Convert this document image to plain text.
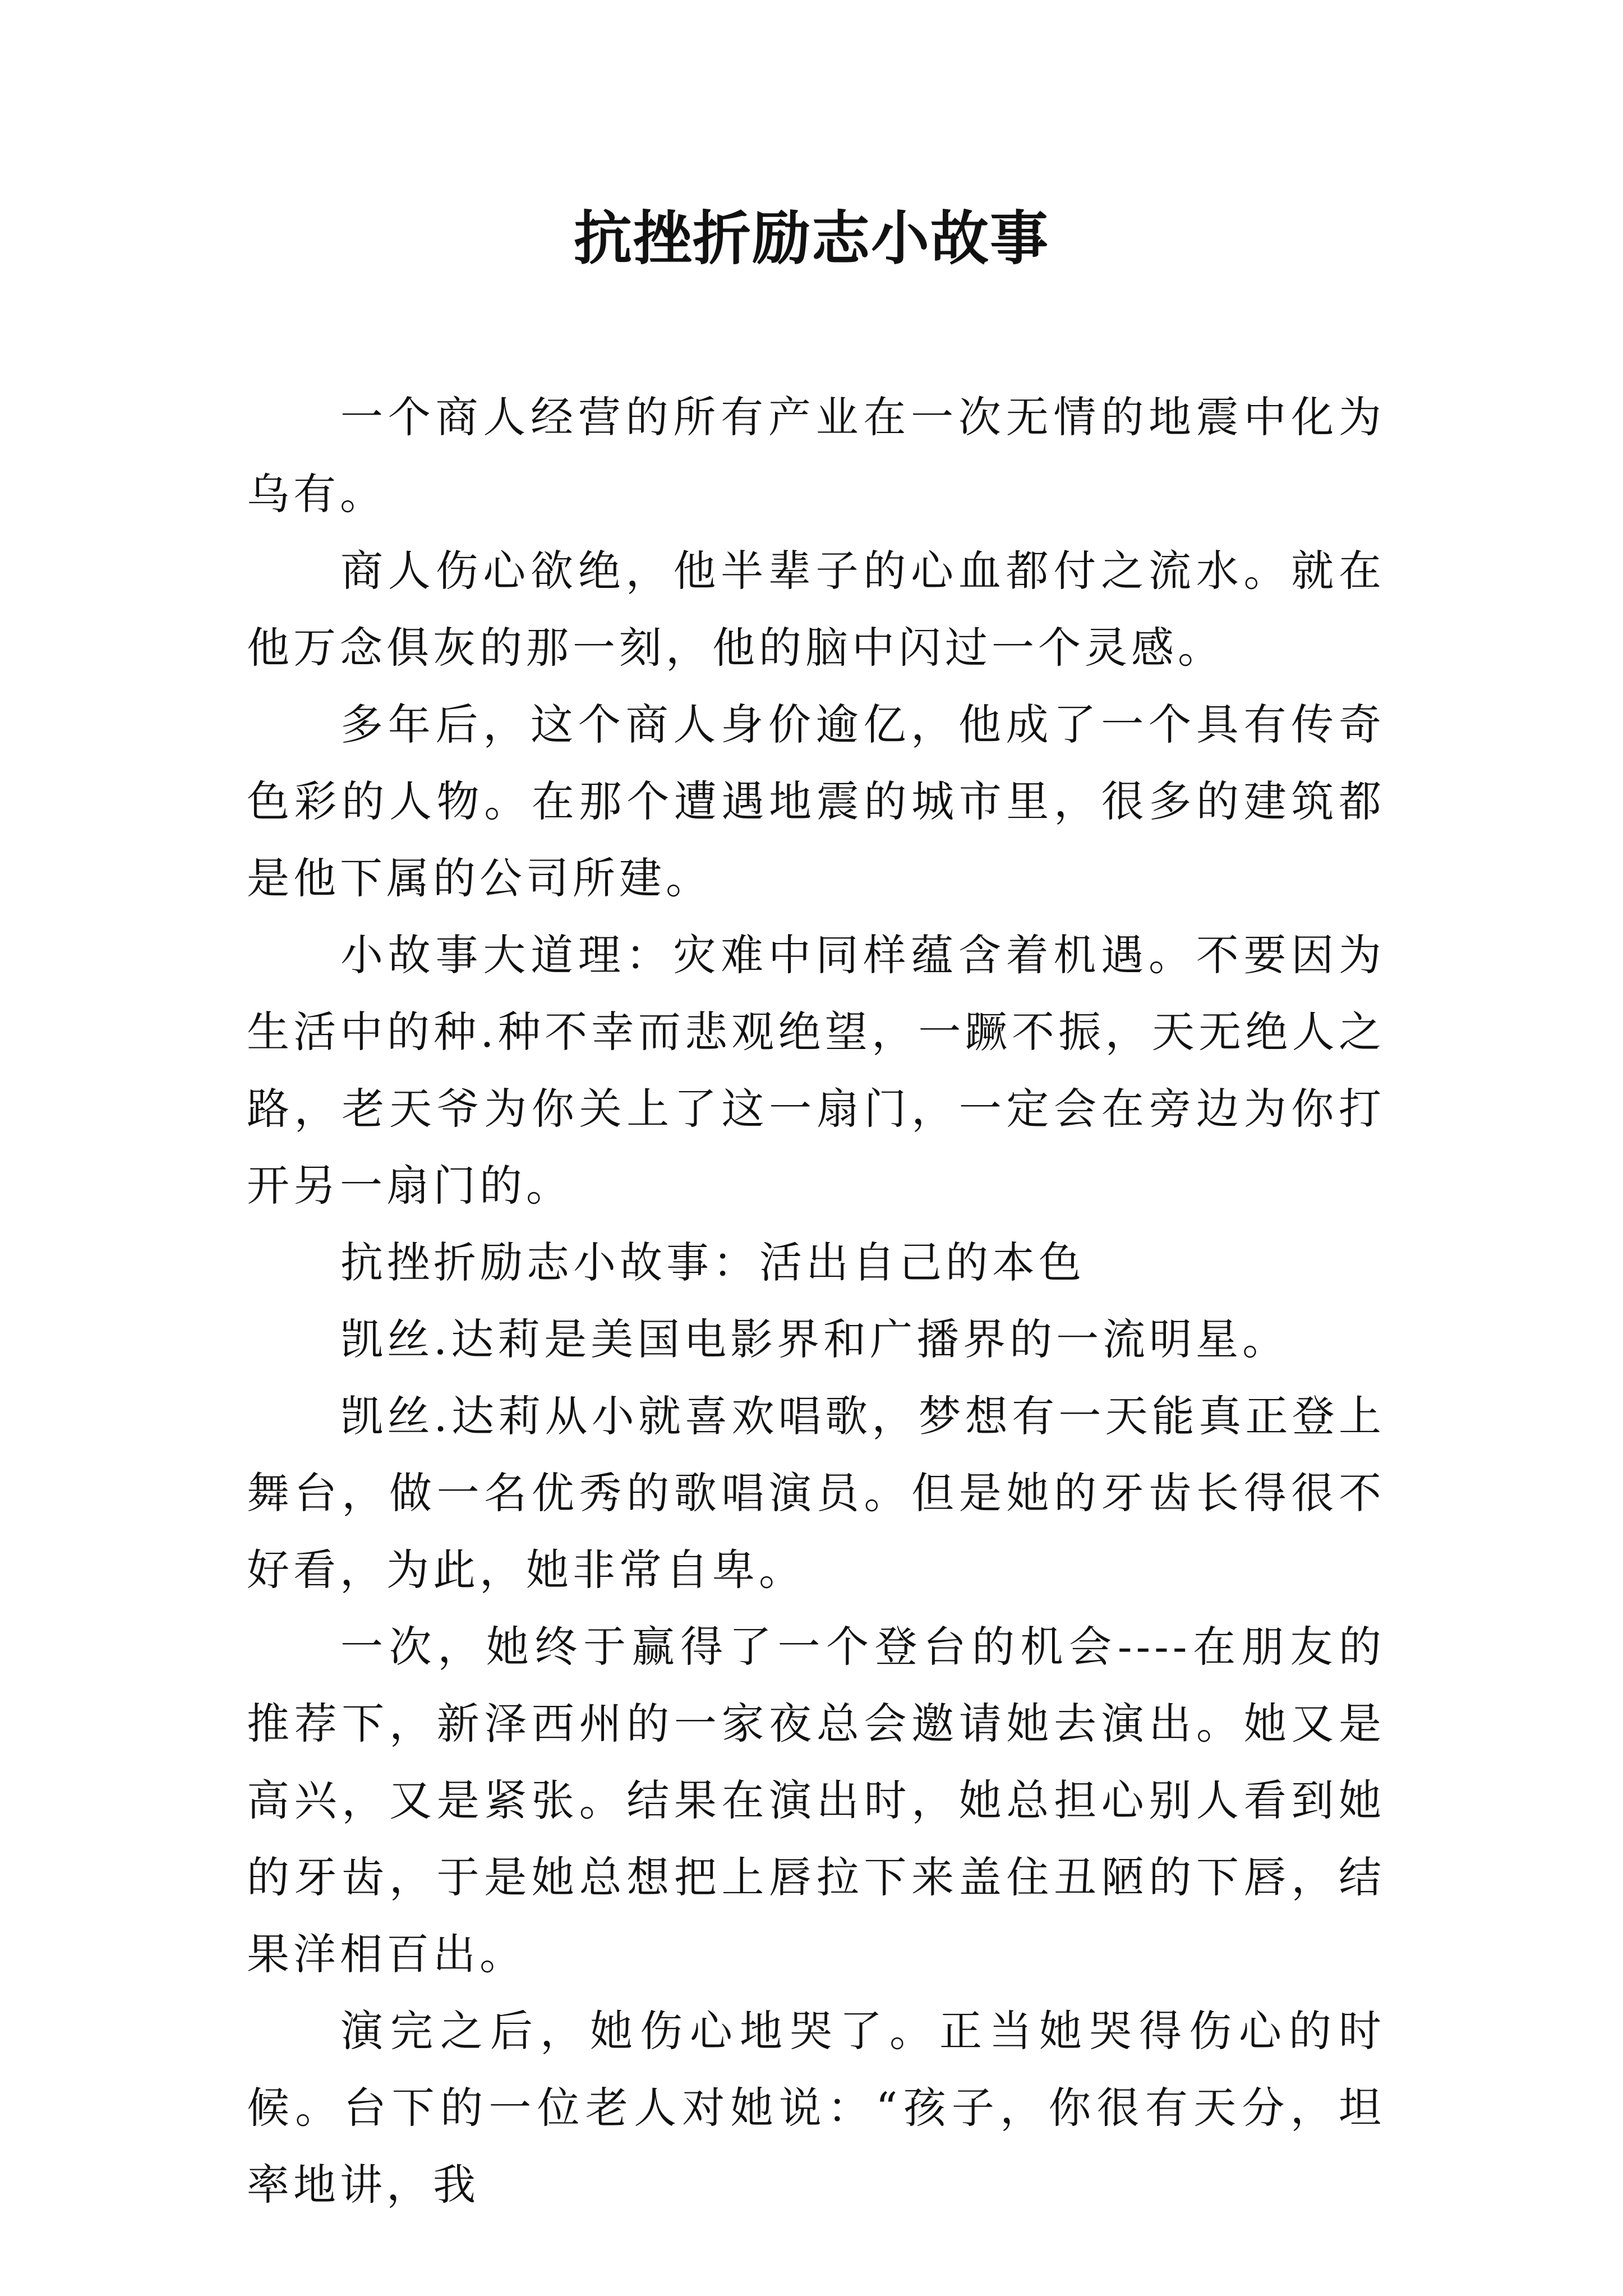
抗挫折励志小故事

一个商人经营的所有产业在一次无情的地震中化为乌有。

商人伤心欲绝，他半辈子的心血都付之流水。就在他万念俱灰的那一刻，他的脑中闪过一个灵感。

多年后，这个商人身价逾亿，他成了一个具有传奇色彩的人物。在那个遭遇地震的城市里，很多的建筑都是他下属的公司所建。

小故事大道理：灾难中同样蕴含着机遇。不要因为生活中的种.种不幸而悲观绝望，一蹶不振，天无绝人之路，老天爷为你关上了这一扇门，一定会在旁边为你打开另一扇门的。

抗挫折励志小故事：活出自己的本色

凯丝.达莉是美国电影界和广播界的一流明星。

凯丝.达莉从小就喜欢唱歌，梦想有一天能真正登上舞台，做一名优秀的歌唱演员。但是她的牙齿长得很不好看，为此，她非常自卑。

一次，她终于赢得了一个登台的机会----在朋友的推荐下，新泽西州的一家夜总会邀请她去演出。她又是高兴，又是紧张。结果在演出时，她总担心别人看到她的牙齿，于是她总想把上唇拉下来盖住丑陋的下唇，结果洋相百出。

演完之后，她伤心地哭了。正当她哭得伤心的时候。台下的一位老人对她说：“孩子，你很有天分，坦率地讲，我
